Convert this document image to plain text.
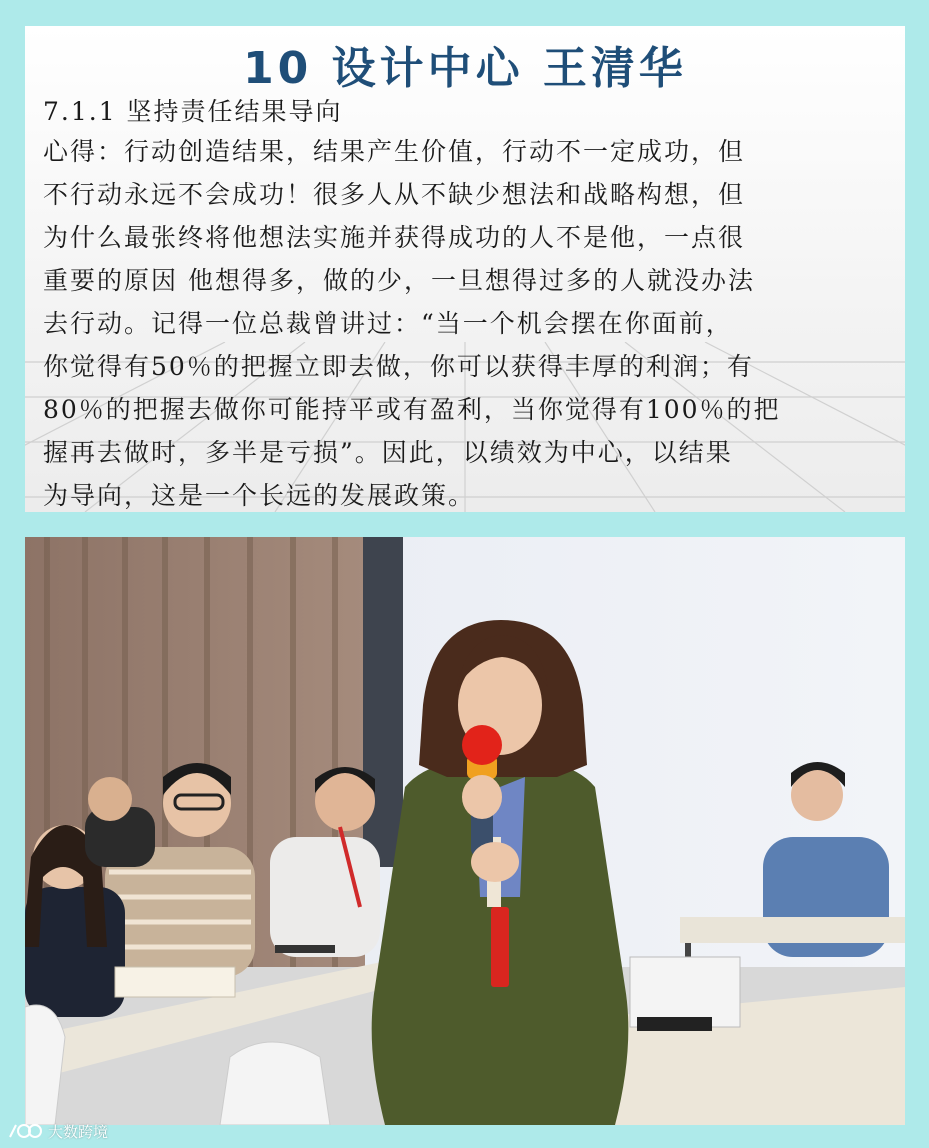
10 设计中心 王清华
7.1.1 坚持责任结果导向
心得：行动创造结果，结果产生价值，行动不一定成功，但
不行动永远不会成功！很多人从不缺少想法和战略构想，但
为什么最张终将他想法实施并获得成功的人不是他，一点很
重要的原因 他想得多，做的少，一旦想得过多的人就没办法
去行动。记得一位总裁曾讲过：“当一个机会摆在你面前，
你觉得有50％的把握立即去做，你可以获得丰厚的利润；有
80％的把握去做你可能持平或有盈利，当你觉得有100％的把
握再去做时，多半是亏损”。因此，以绩效为中心，以结果
为导向，这是一个长远的发展政策。
大数跨境
